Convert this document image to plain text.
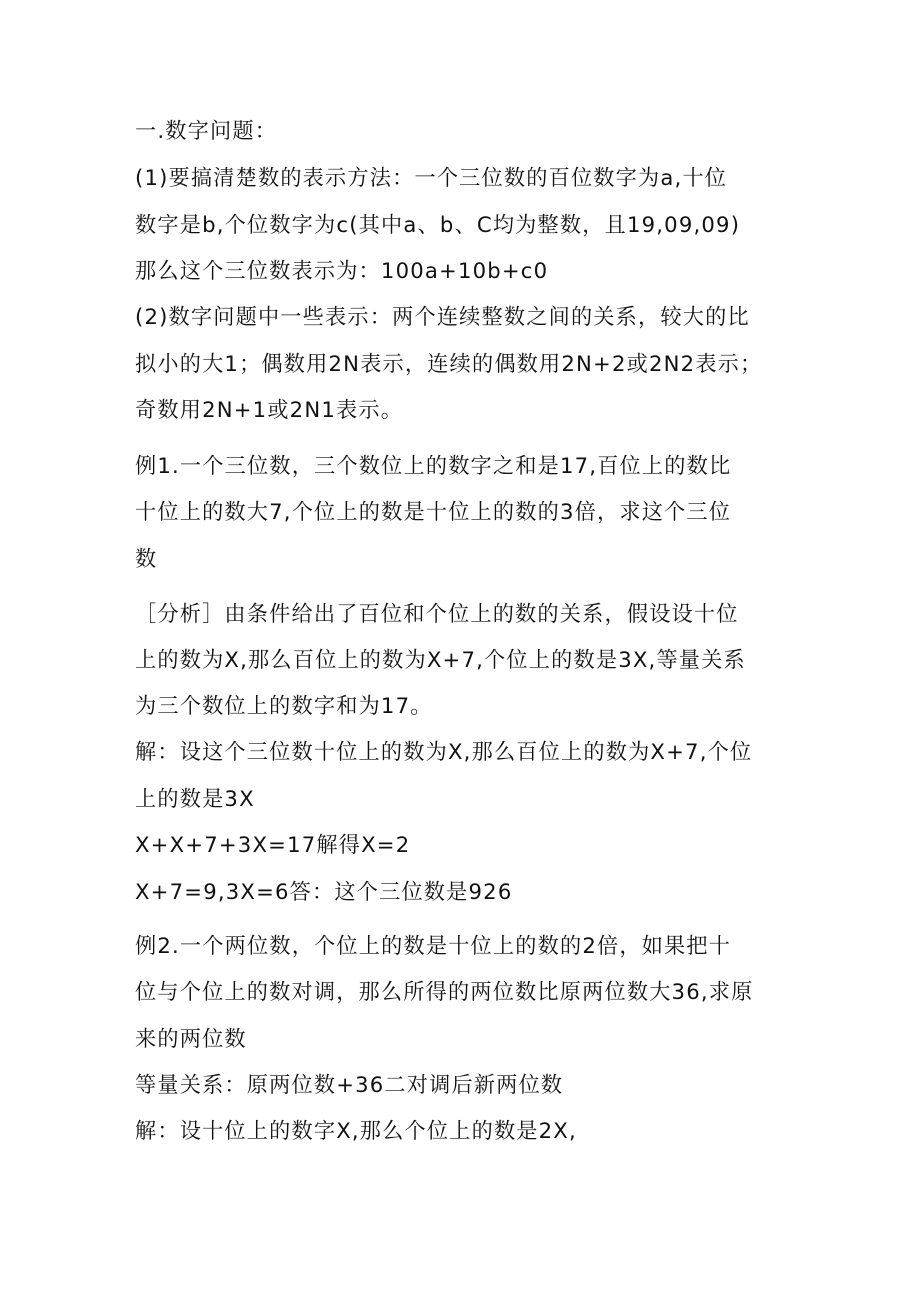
一.数字问题：
(1)要搞清楚数的表示方法：一个三位数的百位数字为a,十位
数字是b,个位数字为c(其中a、b、C均为整数，且19,09,09)
那么这个三位数表示为：100a+10b+c0
(2)数字问题中一些表示：两个连续整数之间的关系，较大的比
拟小的大1；偶数用2N表示，连续的偶数用2N+2或2N2表示；
奇数用2N+1或2N1表示。
例1.一个三位数，三个数位上的数字之和是17,百位上的数比
十位上的数大7,个位上的数是十位上的数的3倍，求这个三位
数
［分析］由条件给出了百位和个位上的数的关系，假设设十位
上的数为X,那么百位上的数为X+7,个位上的数是3X,等量关系
为三个数位上的数字和为17。
解：设这个三位数十位上的数为X,那么百位上的数为X+7,个位
上的数是3X
X+X+7+3X=17解得X=2
X+7=9,3X=6答：这个三位数是926
例2.一个两位数，个位上的数是十位上的数的2倍，如果把十
位与个位上的数对调，那么所得的两位数比原两位数大36,求原
来的两位数
等量关系：原两位数+36二对调后新两位数
解：设十位上的数字X,那么个位上的数是2X,
